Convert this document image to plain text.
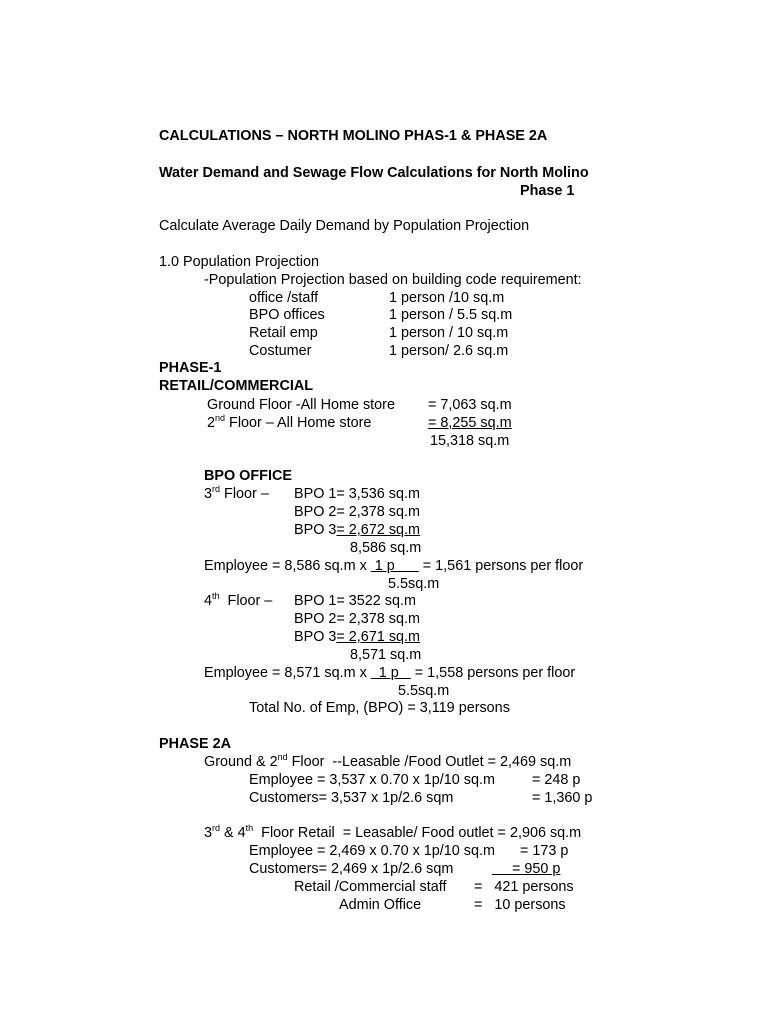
CALCULATIONS – NORTH MOLINO PHAS-1 & PHASE 2A
Water Demand and Sewage Flow Calculations for North Molino
Phase 1
Calculate Average Daily Demand by Population Projection
1.0 Population Projection
-Population Projection based on building code requirement:
office /staff	1 person /10 sq.m
BPO offices	1 person / 5.5 sq.m
Retail emp	1 person / 10 sq.m
Costumer	1 person/ 2.6 sq.m
PHASE-1
RETAIL/COMMERCIAL
Ground Floor -All Home store = 7,063 sq.m
2nd Floor – All Home store	= 8,255 sq.m
15,318 sq.m
BPO OFFICE
3rd Floor – BPO 1= 3,536 sq.m
BPO 2= 2,378 sq.m
BPO 3= 2,672 sq.m
8,586 sq.m
Employee = 8,586 sq.m x  1 p       = 1,561 persons per floor
5.5sq.m
4th  Floor – BPO 1= 3522 sq.m
BPO 2= 2,378 sq.m
BPO 3= 2,671 sq.m
8,571 sq.m
Employee = 8,571 sq.m x   1 p    = 1,558 persons per floor
5.5sq.m
Total No. of Emp, (BPO) = 3,119 persons
PHASE 2A
Ground & 2nd Floor  --Leasable /Food Outlet = 2,469 sq.m
Employee = 3,537 x 0.70 x 1p/10 sq.m	= 248 p
Customers= 3,537 x 1p/2.6 sqm	= 1,360 p
3rd & 4th  Floor Retail  = Leasable/ Food outlet = 2,906 sq.m
Employee = 2,469 x 0.70 x 1p/10 sq.m = 173 p
Customers= 2,469 x 1p/2.6 sqm	= 950 p
Retail /Commercial staff =   421 persons
Admin Office	=   10 persons
